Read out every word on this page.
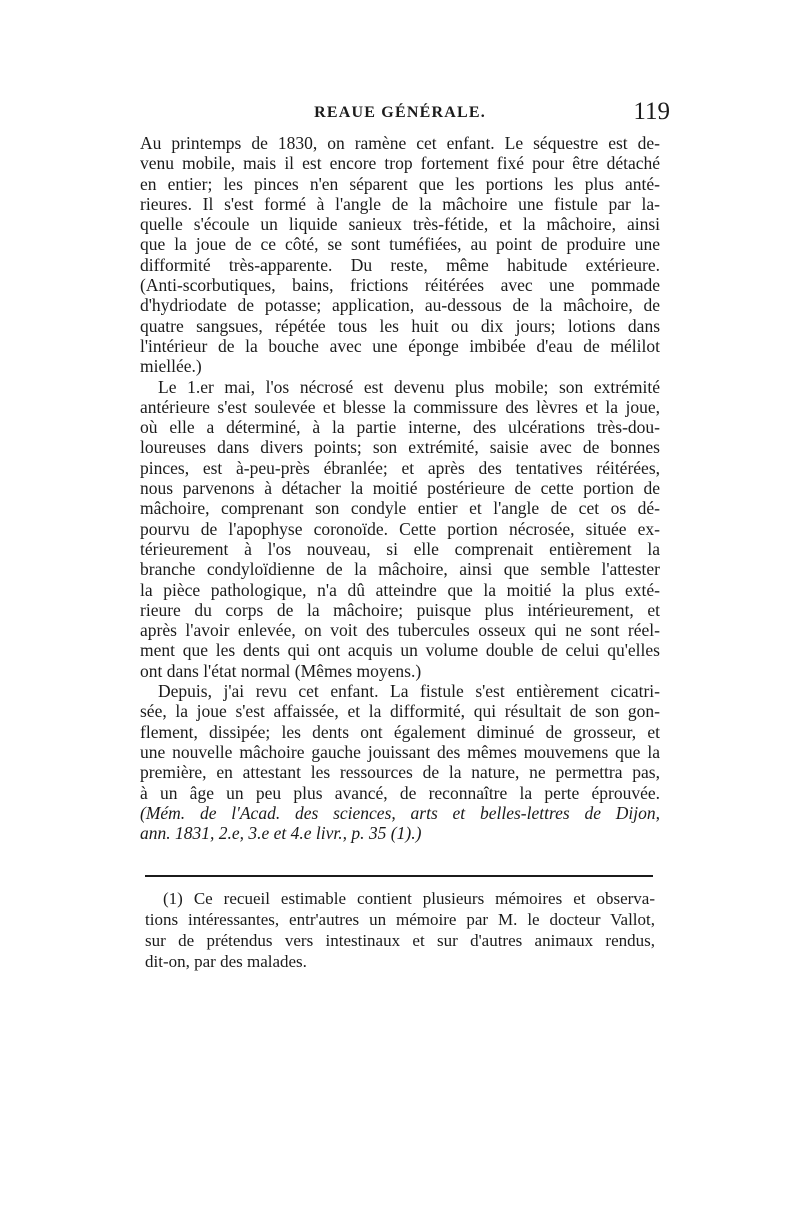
REAUE GÉNÉRALE.	119
Au printemps de 1830, on ramène cet enfant. Le séquestre est de-
venu mobile, mais il est encore trop fortement fixé pour être détaché
en entier; les pinces n'en séparent que les portions les plus anté-
rieures. Il s'est formé à l'angle de la mâchoire une fistule par la-
quelle s'écoule un liquide sanieux très-fétide, et la mâchoire, ainsi
que la joue de ce côté, se sont tuméfiées, au point de produire une
difformité très-apparente. Du reste, même habitude extérieure.
(Anti-scorbutiques, bains, frictions réitérées avec une pommade
d'hydriodate de potasse; application, au-dessous de la mâchoire, de
quatre sangsues, répétée tous les huit ou dix jours; lotions dans
l'intérieur de la bouche avec une éponge imbibée d'eau de mélilot
miellée.)
Le 1.er mai, l'os nécrosé est devenu plus mobile; son extrémité
antérieure s'est soulevée et blesse la commissure des lèvres et la joue,
où elle a déterminé, à la partie interne, des ulcérations très-dou-
loureuses dans divers points; son extrémité, saisie avec de bonnes
pinces, est à-peu-près ébranlée; et après des tentatives réitérées,
nous parvenons à détacher la moitié postérieure de cette portion de
mâchoire, comprenant son condyle entier et l'angle de cet os dé-
pourvu de l'apophyse coronoïde. Cette portion nécrosée, située ex-
térieurement à l'os nouveau, si elle comprenait entièrement la
branche condyloïdienne de la mâchoire, ainsi que semble l'attester
la pièce pathologique, n'a dû atteindre que la moitié la plus exté-
rieure du corps de la mâchoire; puisque plus intérieurement, et
après l'avoir enlevée, on voit des tubercules osseux qui ne sont réel-
ment que les dents qui ont acquis un volume double de celui qu'elles
ont dans l'état normal (Mêmes moyens.)
Depuis, j'ai revu cet enfant. La fistule s'est entièrement cicatri-
sée, la joue s'est affaissée, et la difformité, qui résultait de son gon-
flement, dissipée; les dents ont également diminué de grosseur, et
une nouvelle mâchoire gauche jouissant des mêmes mouvemens que la
première, en attestant les ressources de la nature, ne permettra pas,
à un âge un peu plus avancé, de reconnaître la perte éprouvée.
(Mém. de l'Acad. des sciences, arts et belles-lettres de Dijon,
ann. 1831, 2.e, 3.e et 4.e livr., p. 35 (1).)
(1) Ce recueil estimable contient plusieurs mémoires et observa-
tions intéressantes, entr'autres un mémoire par M. le docteur Vallot,
sur de prétendus vers intestinaux et sur d'autres animaux rendus,
dit-on, par des malades.
